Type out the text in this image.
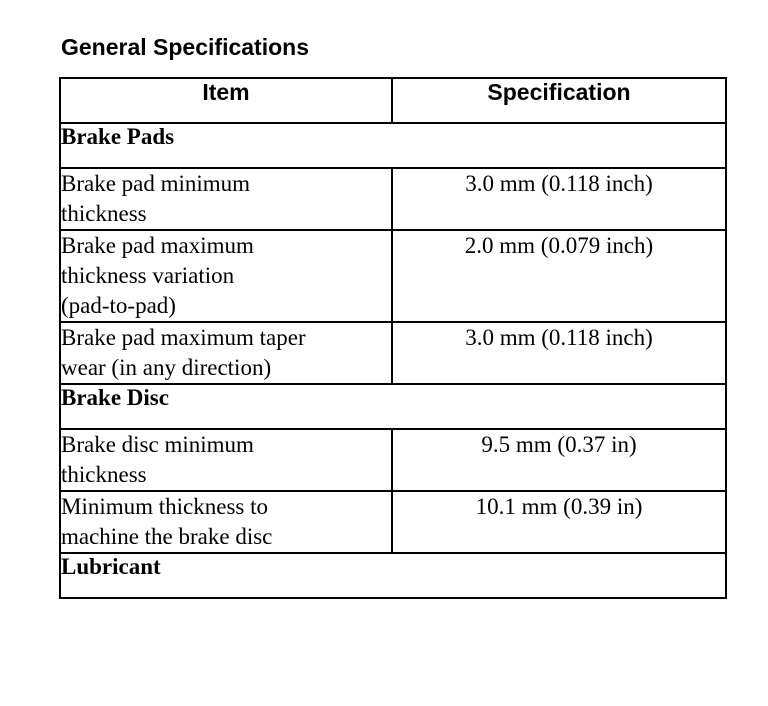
General Specifications
Item	Specification
Brake Pads	
Brake pad minimum
thickness	3.0 mm (0.118 inch)
Brake pad maximum
thickness variation
(pad-to-pad)	2.0 mm (0.079 inch)
Brake pad maximum taper
wear (in any direction)	3.0 mm (0.118 inch)
Brake Disc	
Brake disc minimum
thickness	9.5 mm (0.37 in)
Minimum thickness to
machine the brake disc	10.1 mm (0.39 in)
Lubricant	
